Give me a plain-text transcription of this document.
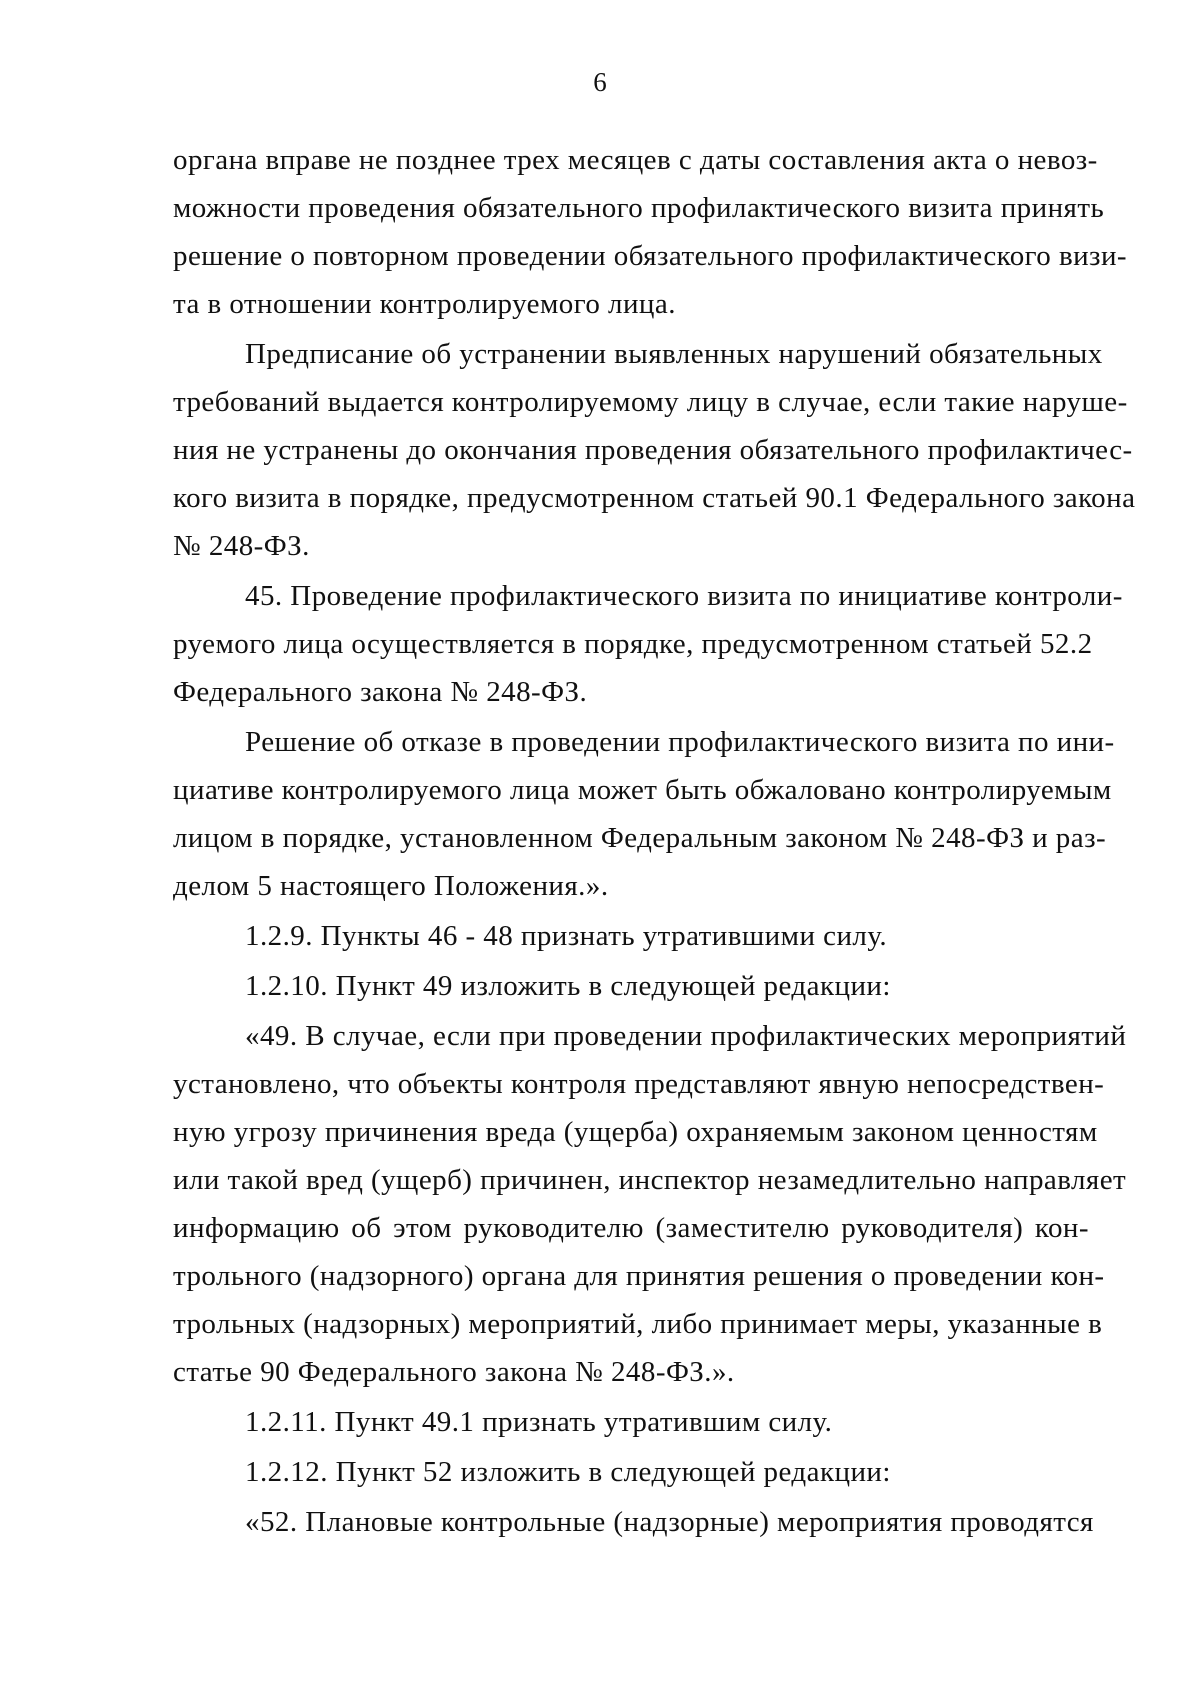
6
органа вправе не позднее трех месяцев с даты составления акта о невоз-
можности проведения обязательного профилактического визита принять
решение о повторном проведении обязательного профилактического визи-
та в отношении контролируемого лица.
Предписание об устранении выявленных нарушений обязательных
требований выдается контролируемому лицу в случае, если такие наруше-
ния не устранены до окончания проведения обязательного профилактичес-
кого визита в порядке, предусмотренном статьей 90.1 Федерального закона
№ 248-ФЗ.
45. Проведение профилактического визита по инициативе контроли-
руемого лица осуществляется в порядке, предусмотренном статьей 52.2
Федерального закона № 248-ФЗ.
Решение об отказе в проведении профилактического визита по ини-
циативе контролируемого лица может быть обжаловано контролируемым
лицом в порядке, установленном Федеральным законом № 248-ФЗ и раз-
делом 5 настоящего Положения.».
1.2.9. Пункты 46 - 48 признать утратившими силу.
1.2.10. Пункт 49 изложить в следующей редакции:
«49. В случае, если при проведении профилактических мероприятий
установлено, что объекты контроля представляют явную непосредствен-
ную угрозу причинения вреда (ущерба) охраняемым законом ценностям
или такой вред (ущерб) причинен, инспектор незамедлительно направляет
информацию об этом руководителю (заместителю руководителя) кон-
трольного (надзорного) органа для принятия решения о проведении кон-
трольных (надзорных) мероприятий, либо принимает меры, указанные в
статье 90 Федерального закона № 248-ФЗ.».
1.2.11. Пункт 49.1 признать утратившим силу.
1.2.12. Пункт 52 изложить в следующей редакции:
«52. Плановые контрольные (надзорные) мероприятия проводятся
